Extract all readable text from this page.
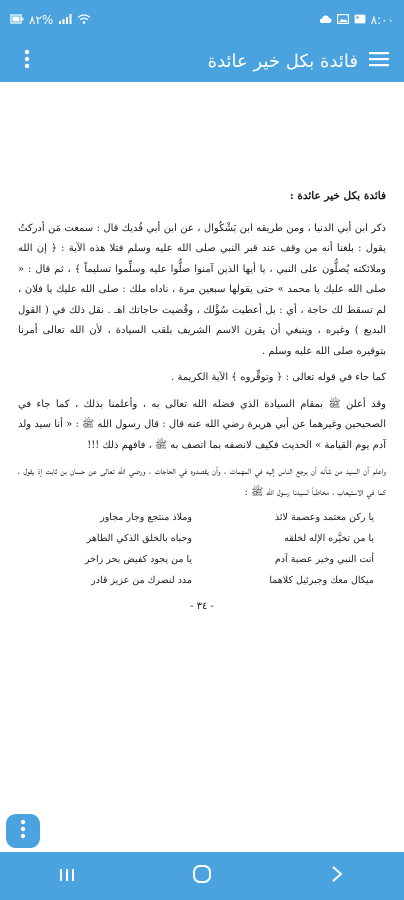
٨٢%	٨:٠٠
فائدة بكل خير عائدة
فائدة بكل خير عائدة :

ذكر ابن أبي الدنيا ، ومن طريقه ابن بَشْكُوال ، عن ابن أبي فُديك قال : سمعت مَن أدركتُ يقول : بلغنا أنه من وقف عند قبر النبي صلى الله عليه وسلم فتلا هذه الآية : ﴿ إن الله وملائكته يُصلُّون على النبي ، يا أيها الذين آمنوا صلُّوا عليه وسلِّموا تسليماً ﴾ ، ثم قال : « صلى الله عليك يا محمد » حتى يقولها سبعين مرة ، ناداه ملك : صلى الله عليك يا فلان ، لم تسقط لك حاجة ، أي : بل أعطيت سُؤْلك ، وقُضيت حاجاتك اهـ . نقل ذلك في ( القول البديع ) وغيره ، وينبغي أن يقرن الاسم الشريف بلقب السيادة ، لأن الله تعالى أمرنا بتوقيره صلى الله عليه وسلم .

كما جاء في قوله تعالى : ﴿ وتوقِّروه ﴾ الآية الكريمة .

وقد أعلن ﷺ بمقام السيادة الذي فضله الله تعالى به ، وأعلمنا بذلك ، كما جاء في الصحيحين وغيرهما عن أبي هريرة رضي الله عنه قال : قال رسول الله ﷺ : « أنا سيد ولد آدم يوم القيامة » الحديث فكيف لانصفه بما اتصف به ﷺ ، فافهم ذلك !!!

واعلم أن السيد من شأنه أن يرجع الناس إليه في المهمات ، وأن يقصدوه في الحاجات ، ورضي الله تعالى عن حسان بن ثابت إذ يقول ، كما في الاستيعاب ، مخاطباً لسيدنا رسول الله ﷺ :

يا ركن معتمد وعصمة لائذ
وملاذ منتجع وجار مجاور
يا من تخيَّره الإله لخلقه
وحباه بالخلق الذكي الطاهر
أنت النبي وخير عصبة آدم
يا من يجود كفيض بحر زاخر
ميكال معك وجبرئيل كلاهما
مدد لنصرك من عزيز قادر
- ٣٤ -
